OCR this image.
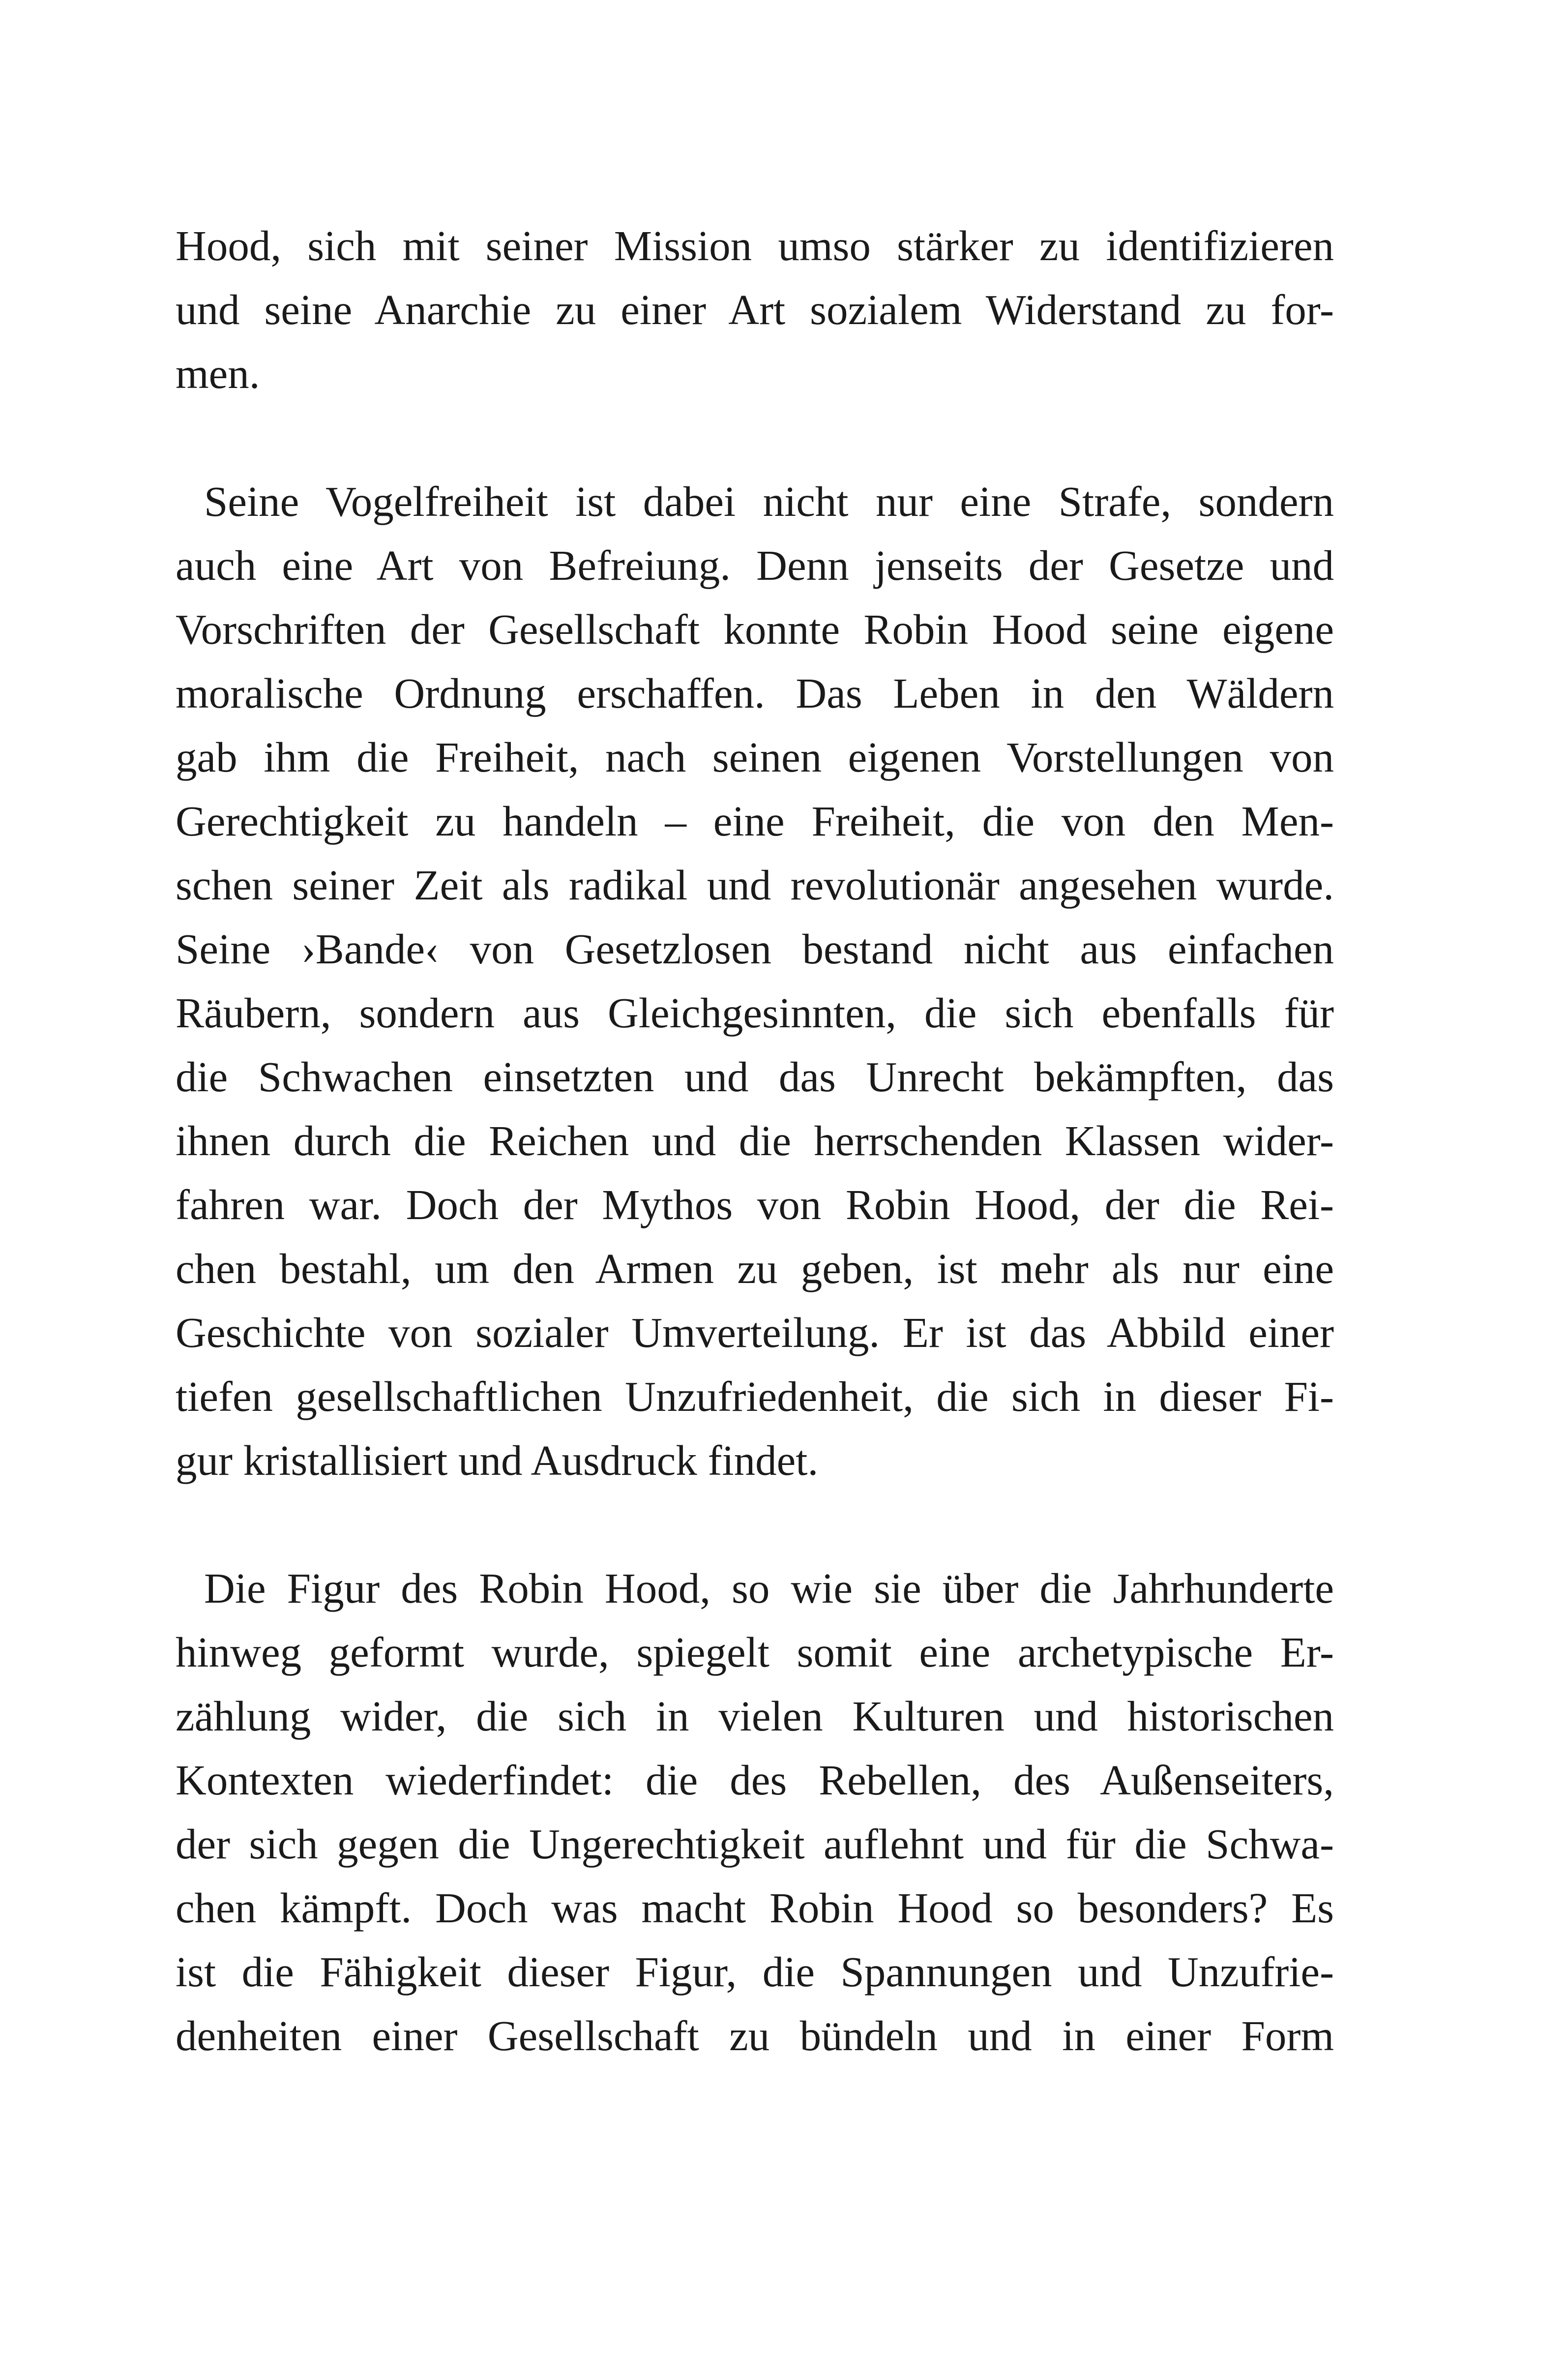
Hood, sich mit seiner Mission umso stärker zu identifizieren
und seine Anarchie zu einer Art sozialem Widerstand zu for-
men.
Seine Vogelfreiheit ist dabei nicht nur eine Strafe, sondern
auch eine Art von Befreiung. Denn jenseits der Gesetze und
Vorschriften der Gesellschaft konnte Robin Hood seine eigene
moralische Ordnung erschaffen. Das Leben in den Wäldern
gab ihm die Freiheit, nach seinen eigenen Vorstellungen von
Gerechtigkeit zu handeln – eine Freiheit, die von den Men-
schen seiner Zeit als radikal und revolutionär angesehen wurde.
Seine ›Bande‹ von Gesetzlosen bestand nicht aus einfachen
Räubern, sondern aus Gleichgesinnten, die sich ebenfalls für
die Schwachen einsetzten und das Unrecht bekämpften, das
ihnen durch die Reichen und die herrschenden Klassen wider-
fahren war. Doch der Mythos von Robin Hood, der die Rei-
chen bestahl, um den Armen zu geben, ist mehr als nur eine
Geschichte von sozialer Umverteilung. Er ist das Abbild einer
tiefen gesellschaftlichen Unzufriedenheit, die sich in dieser Fi-
gur kristallisiert und Ausdruck findet.
Die Figur des Robin Hood, so wie sie über die Jahrhunderte
hinweg geformt wurde, spiegelt somit eine archetypische Er-
zählung wider, die sich in vielen Kulturen und historischen
Kontexten wiederfindet: die des Rebellen, des Außenseiters,
der sich gegen die Ungerechtigkeit auflehnt und für die Schwa-
chen kämpft. Doch was macht Robin Hood so besonders? Es
ist die Fähigkeit dieser Figur, die Spannungen und Unzufrie-
denheiten einer Gesellschaft zu bündeln und in einer Form
